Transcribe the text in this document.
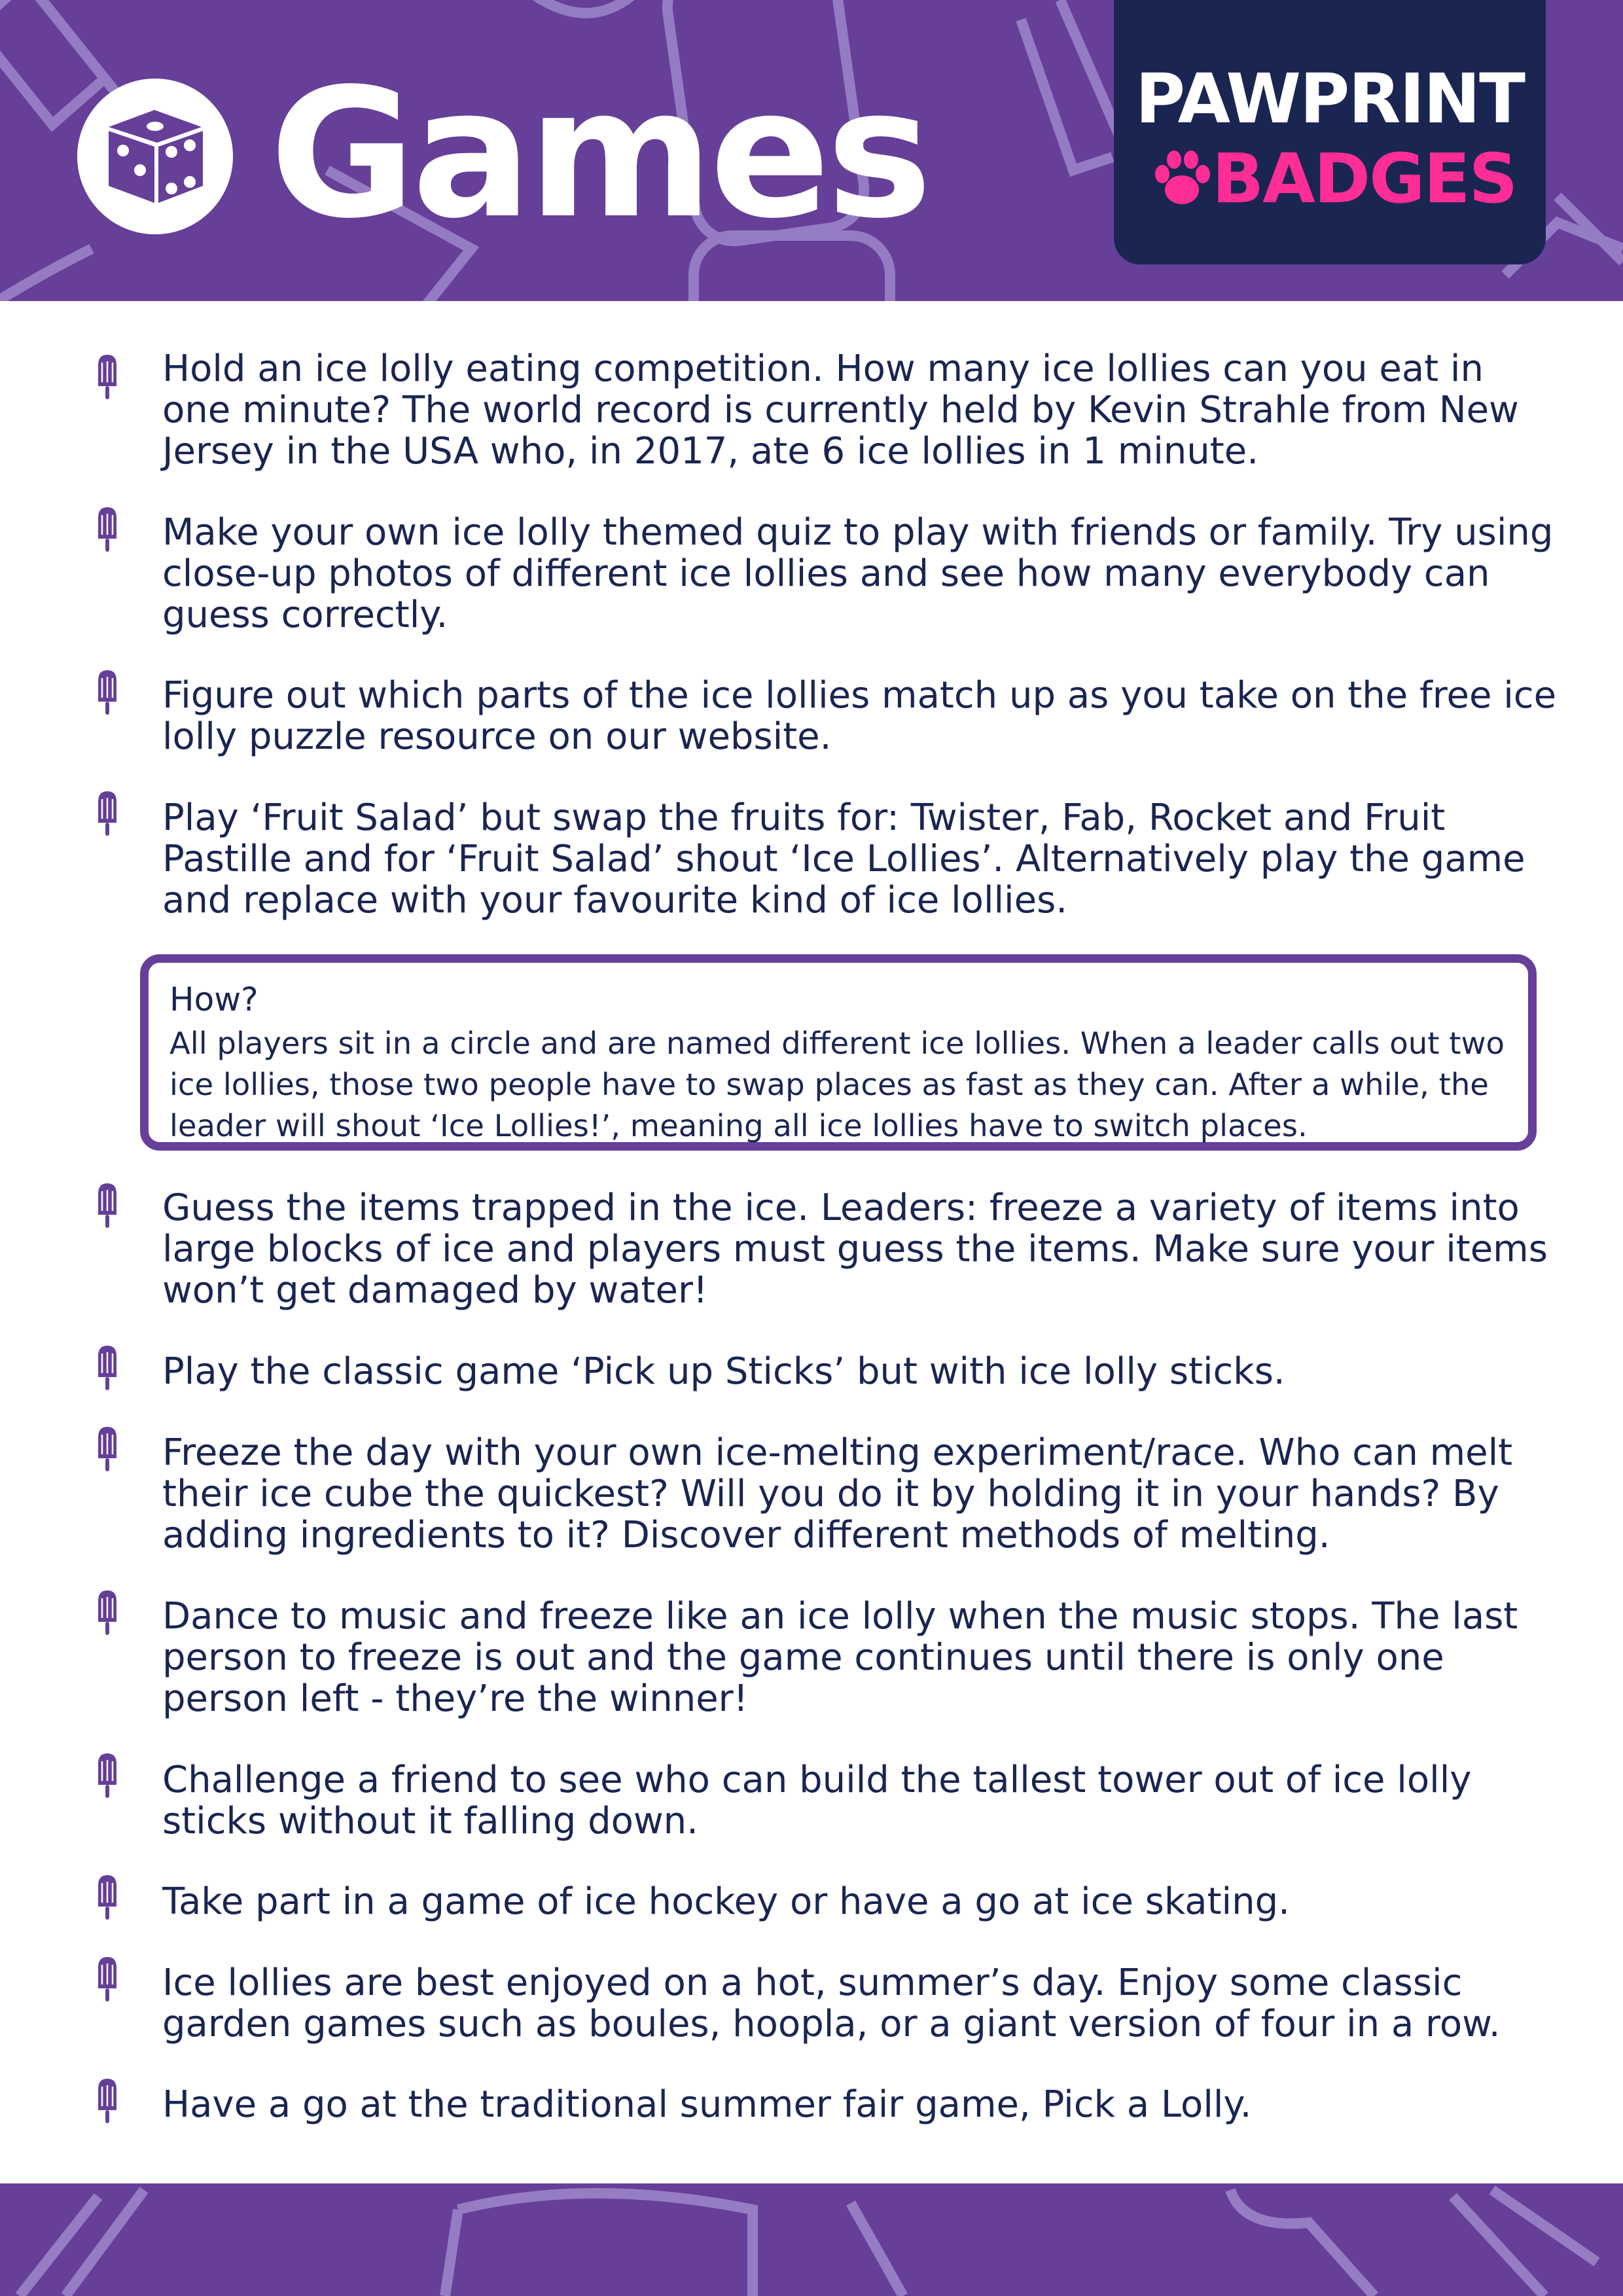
Games	PAWPRINT
BADGES
Hold an ice lolly eating competition. How many ice lollies can you eat in one minute? The world record is currently held by Kevin Strahle from New Jersey in the USA who, in 2017, ate 6 ice lollies in 1 minute.
Make your own ice lolly themed quiz to play with friends or family. Try using close-up photos of different ice lollies and see how many everybody can guess correctly.
Figure out which parts of the ice lollies match up as you take on the free ice lolly puzzle resource on our website.
Play ‘Fruit Salad’ but swap the fruits for: Twister, Fab, Rocket and Fruit Pastille and for ‘Fruit Salad’ shout ‘Ice Lollies’. Alternatively play the game and replace with your favourite kind of ice lollies.
How?
All players sit in a circle and are named different ice lollies. When a leader calls out two ice lollies, those two people have to swap places as fast as they can. After a while, the leader will shout ‘Ice Lollies!’, meaning all ice lollies have to switch places.
Guess the items trapped in the ice. Leaders: freeze a variety of items into large blocks of ice and players must guess the items. Make sure your items won’t get damaged by water!
Play the classic game ‘Pick up Sticks’ but with ice lolly sticks.
Freeze the day with your own ice-melting experiment/race. Who can melt their ice cube the quickest? Will you do it by holding it in your hands? By adding ingredients to it? Discover different methods of melting.
Dance to music and freeze like an ice lolly when the music stops. The last person to freeze is out and the game continues until there is only one person left - they’re the winner!
Challenge a friend to see who can build the tallest tower out of ice lolly sticks without it falling down.
Take part in a game of ice hockey or have a go at ice skating.
Ice lollies are best enjoyed on a hot, summer’s day. Enjoy some classic garden games such as boules, hoopla, or a giant version of four in a row.
Have a go at the traditional summer fair game, Pick a Lolly.
